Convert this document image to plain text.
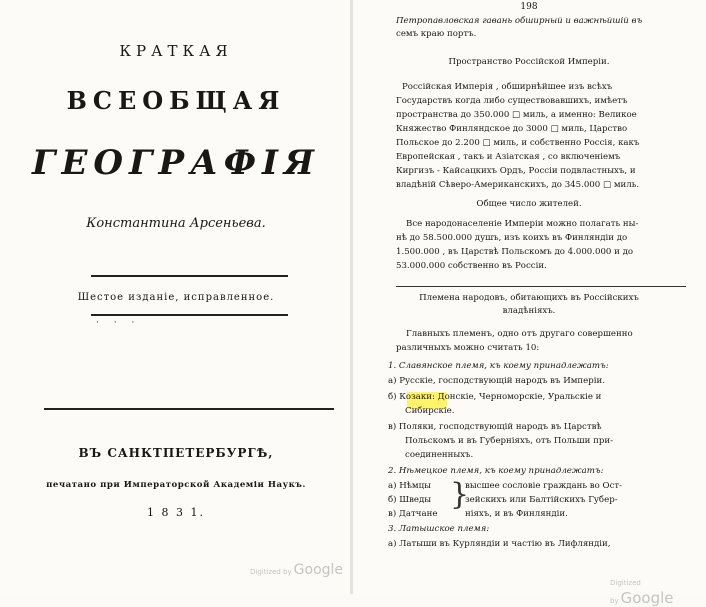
КРАТКАЯ
ВСЕОБЩАЯ
ГЕОГРАФІЯ
Константина Арсеньева.
Шестое изданіе, исправленное.
· · ·
ВЪ САНКТПЕТЕРБУРГѢ,
печатано при Императорской Академіи Наукъ.
1 8 3 1.
Digitized by Google
198
Петропавловская гавань обширный и важнѣйшій въ
семъ краю портъ.
Пространство Россійской Имперіи.
Россійская Имперія , обширнѣйшее изъ всѣхъ
Государствъ когда либо существовавшихъ, имѣетъ
пространства до 350.000 □ миль, а именно: Великое
Княжество Финляндское до 3000 □ миль, Царство
Польское до 2.200 □ миль, и собственно Россія, какъ
Европейская , такъ и Азіатская , со включеніемъ
Киргизъ - Кайсацкихъ Ордъ, Россіи подвластныхъ, и
владѣній Сѣверо-Американскихъ, до 345.000 □ миль.
Общее число жителей.
Все народонаселеніе Имперіи можно полагать ны-
нѣ до 58.500.000 душъ, изъ коихъ въ Финляндіи до
1.500.000 , въ Царствѣ Польскомъ до 4.000.000 и до
53.000.000 собственно въ Россіи.
Племена народовъ, обитающихъ въ Россійскихъ
владѣніяхъ.
Главныхъ племенъ, одно отъ другаго совершенно
различныхъ можно считать 10:
1. Славянское племя, къ коему принадлежатъ:
а) Русскіе, господствующій народъ въ Имперіи.
б) Козаки: Донскіе, Черноморскіе, Уральскіе и
Сибирскіе.
в) Поляки, господствующій народъ въ Царствѣ
Польскомъ и въ Губерніяхъ, отъ Польши при-
соединенныхъ.
2. Нѣмецкое племя, къ коему принадлежатъ:
а) Нѣмцы
б) Шведы
в) Датчане
}
высшее сословіе граждань во Ост-
зейскихъ или Балтійскихъ Губер-
ніяхъ, и въ Финляндіи.
3. Латышское племя:
а) Латыши въ Курляндіи и частію въ Лифляндіи,
Digitized by Google
